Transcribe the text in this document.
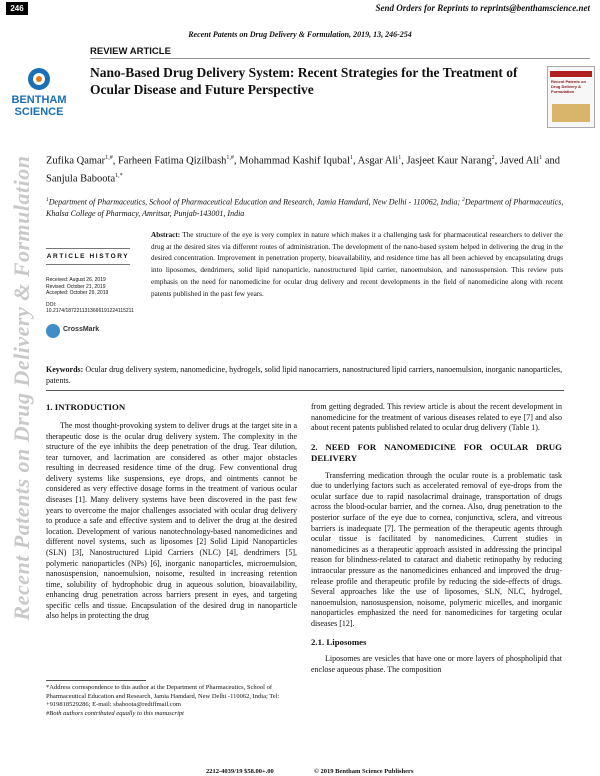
246	Send Orders for Reprints to reprints@benthamscience.net
Recent Patents on Drug Delivery & Formulation, 2019, 13, 246-254
REVIEW ARTICLE
Recent Patents on Drug Delivery & Formulation
BENTHAM
SCIENCE
Nano-Based Drug Delivery System: Recent Strategies for the Treatment of Ocular Disease and Future Perspective
Recent Patents on Drug Delivery & Formulation
Zufika Qamar$^{1,\#}$, Farheen Fatima Qizilbash$^{1,\#}$, Mohammad Kashif Iqubal$^1$, Asgar Ali$^1$, Jasjeet Kaur Narang$^2$, Javed Ali$^1$ and Sanjula Baboota$^{1,*}$
$^1$Department of Pharmaceutics, School of Pharmaceutical Education and Research, Jamia Hamdard, New Delhi - 110062, India; $^2$Department of Pharmaceutics, Khalsa College of Pharmacy, Amritsar, Punjab-143001, India
ARTICLE HISTORY
Received: August 26, 2019
Revised: October 21, 2019
Accepted: October 29, 2019
DOI:
10.2174/1872211313666191224115211
CrossMark
Abstract: The structure of the eye is very complex in nature which makes it a challenging task for pharmaceutical researchers to deliver the drug at the desired sites via different routes of administration. The development of the nano-based system helped in delivering the drug in the desired concentration. Improvement in penetration property, bioavailability, and residence time has all been achieved by encapsulating drugs into liposomes, dendrimers, solid lipid nanoparticle, nanostructured lipid carrier, nanoemulsion, and nanosuspension. This review puts emphasis on the need for nanomedicine for ocular drug delivery and recent developments in the field of nanomedicine along with recent patents published in the past few years.
Keywords: Ocular drug delivery system, nanomedicine, hydrogels, solid lipid nanocarriers, nanostructured lipid carriers, nanoemulsion, inorganic nanoparticles, patents.
1. INTRODUCTION

The most thought-provoking system to deliver drugs at the target site in a therapeutic dose is the ocular drug delivery system. The complexity in the structure of the eye inhibits the deep penetration of the drug. Tear dilution, tear turnover, and lacrimation are considered as other major obstacles resulting in decreased residence time of the drug. Few conventional drug delivery systems like suspensions, eye drops, and ointments cannot be considered as very effective dosage forms in the treatment of various ocular diseases [1]. Many delivery systems have been discovered in the past few years to overcome the major challenges associated with ocular drug delivery to produce a safe and effective system and to deliver the drug at the desired location. Development of various nanotechnology-based nanomedicines and different novel systems, such as liposomes [2] Solid Lipid Nanoparticles (SLN) [3], Nanostructured Lipid Carriers (NLC) [4], dendrimers [5], polymeric nanoparticles (NPs) [6], inorganic nanoparticles, microemulsion, nanosuspension, nanoemulsion, noisome, resulted in increasing retention time, solubility of hydrophobic drug in aqueous solution, bioavailability, enhancing drug penetration across barriers present in eyes, and targeting specific cells and tissue. Encapsulation of the desired drug in nanoparticle also helps in protecting the drug

from getting degraded. This review article is about the recent development in nanomedicine for the treatment of various diseases related to eye [7] and also about recent patents published related to ocular drug delivery (Table 1).

2. NEED FOR NANOMEDICINE FOR OCULAR DRUG DELIVERY

Transferring medication through the ocular route is a problematic task due to underlying factors such as accelerated removal of eye-drops from the ocular surface due to rapid nasolacrimal drainage, transportation of drugs across the blood-ocular barrier, and the cornea. Also, drug penetration to the posterior surface of the eye due to cornea, conjunctiva, sclera, and vitreous barriers is inadequate [7]. The permeation of the therapeutic agents through ocular tissue is facilitated by nanomedicines. Current studies in nanomedicines as a therapeutic approach assisted in addressing the principal reason for blindness-related to cataract and diabetic retinopathy by reducing intraocular pressure as the nanomedicines enhanced and improved the drug-release profile and therapeutic profile by reducing the side-effects of drugs. Several approaches like the use of liposomes, SLN, NLC, hydrogel, nanoemulsion, nanosuspension, noisome, polymeric micelles, and inorganic nanoparticles emphasized the need for nanomedicines for targeting ocular diseases [12].

2.1. Liposomes

Liposomes are vesicles that have one or more layers of phospholipid that enclose aqueous phase. The composition

*Address correspondence to this author at the Department of Pharmaceutics, School of Pharmaceutical Education and Research, Jamia Hamdard, New Delhi -110062, India; Tel: +919818529286; E-mail: sbaboota@rediffmail.com
#Both authors contributed equally to this manuscript
2212-4039/19 $58.00+.00	© 2019 Bentham Science Publishers
